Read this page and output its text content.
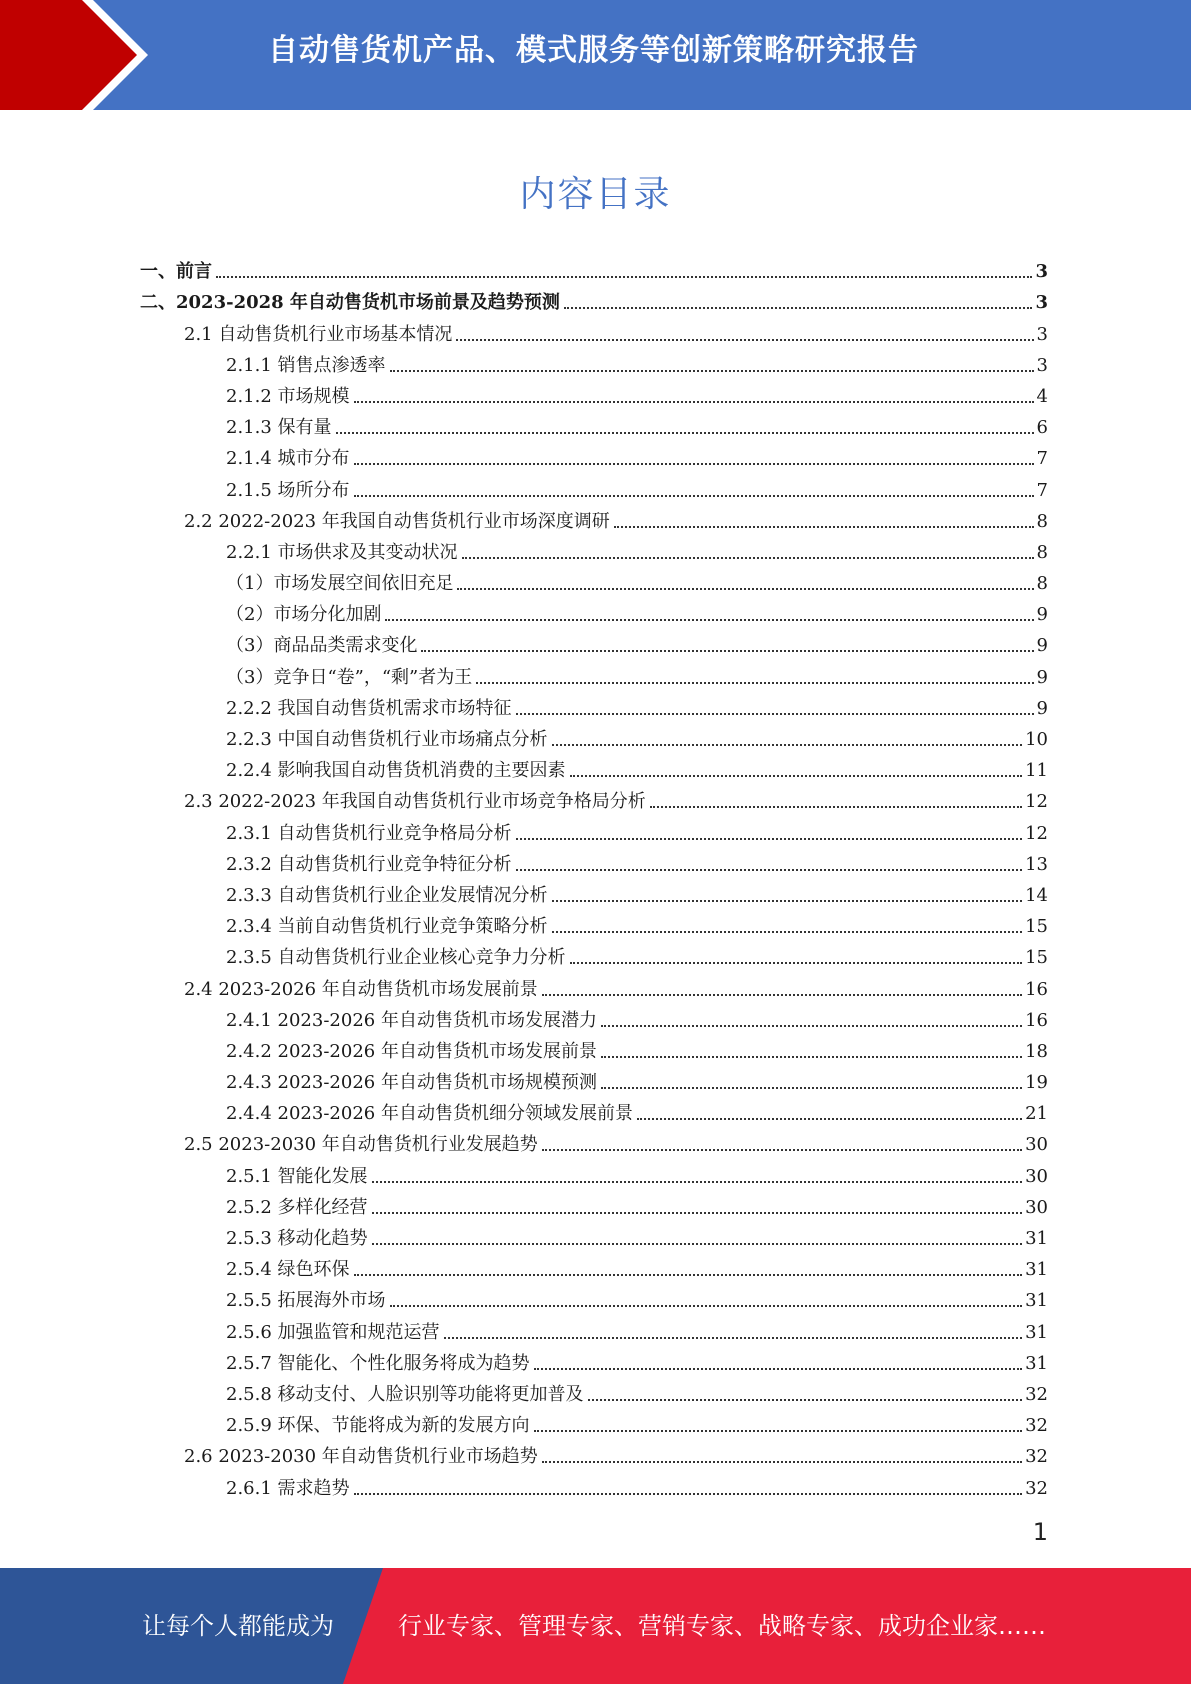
自动售货机产品、模式服务等创新策略研究报告
内容目录
一、前言	3
二、2023-2028 年自动售货机市场前景及趋势预测	3
2.1 自动售货机行业市场基本情况	3
2.1.1 销售点渗透率	3
2.1.2 市场规模	4
2.1.3 保有量	6
2.1.4 城市分布	7
2.1.5 场所分布	7
2.2 2022-2023 年我国自动售货机行业市场深度调研	8
2.2.1 市场供求及其变动状况	8
（1）市场发展空间依旧充足	8
（2）市场分化加剧	9
（3）商品品类需求变化	9
（3）竞争日“卷”，“剩”者为王	9
2.2.2 我国自动售货机需求市场特征	9
2.2.3 中国自动售货机行业市场痛点分析	10
2.2.4 影响我国自动售货机消费的主要因素	11
2.3 2022-2023 年我国自动售货机行业市场竞争格局分析	12
2.3.1 自动售货机行业竞争格局分析	12
2.3.2 自动售货机行业竞争特征分析	13
2.3.3 自动售货机行业企业发展情况分析	14
2.3.4 当前自动售货机行业竞争策略分析	15
2.3.5 自动售货机行业企业核心竞争力分析	15
2.4 2023-2026 年自动售货机市场发展前景	16
2.4.1 2023-2026 年自动售货机市场发展潜力	16
2.4.2 2023-2026 年自动售货机市场发展前景	18
2.4.3 2023-2026 年自动售货机市场规模预测	19
2.4.4 2023-2026 年自动售货机细分领域发展前景	21
2.5 2023-2030 年自动售货机行业发展趋势	30
2.5.1 智能化发展	30
2.5.2 多样化经营	30
2.5.3 移动化趋势	31
2.5.4 绿色环保	31
2.5.5 拓展海外市场	31
2.5.6 加强监管和规范运营	31
2.5.7 智能化、个性化服务将成为趋势	31
2.5.8 移动支付、人脸识别等功能将更加普及	32
2.5.9 环保、节能将成为新的发展方向	32
2.6 2023-2030 年自动售货机行业市场趋势	32
2.6.1 需求趋势	32
1
让每个人都能成为	行业专家、管理专家、营销专家、战略专家、成功企业家……
